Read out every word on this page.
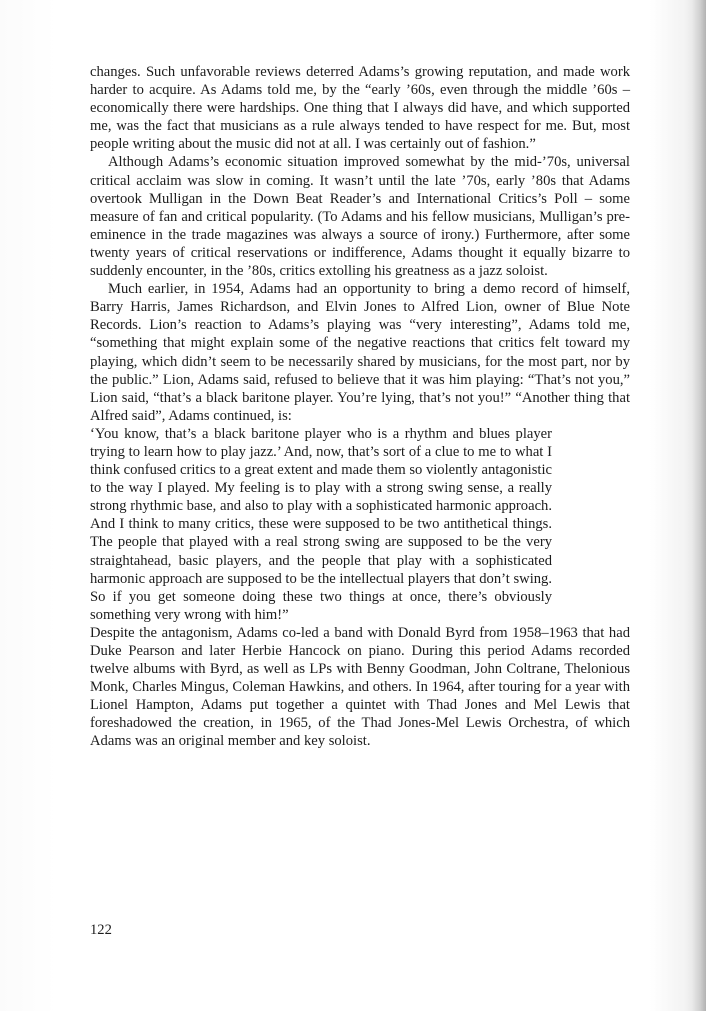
changes. Such unfavorable reviews deterred Adams’s growing reputation, and made work harder to acquire. As Adams told me, by the “early ’60s, even through the middle ’60s – economically there were hardships. One thing that I always did have, and which supported me, was the fact that musicians as a rule always tended to have respect for me. But, most people writing about the music did not at all. I was certainly out of fashion.”

Although Adams’s economic situation improved somewhat by the mid-’70s, universal critical acclaim was slow in coming. It wasn’t until the late ’70s, early ’80s that Adams overtook Mulligan in the Down Beat Reader’s and International Critics’s Poll – some measure of fan and critical popularity. (To Adams and his fellow musicians, Mulligan’s pre-eminence in the trade magazines was always a source of irony.) Furthermore, after some twenty years of critical reservations or indifference, Adams thought it equally bizarre to suddenly encounter, in the ’80s, critics extolling his greatness as a jazz soloist.

Much earlier, in 1954, Adams had an opportunity to bring a demo record of himself, Barry Harris, James Richardson, and Elvin Jones to Alfred Lion, owner of Blue Note Records. Lion’s reaction to Adams’s playing was “very interesting”, Adams told me, “something that might explain some of the negative reactions that critics felt toward my playing, which didn’t seem to be necessarily shared by musicians, for the most part, nor by the public.” Lion, Adams said, refused to believe that it was him playing: “That’s not you,” Lion said, “that’s a black baritone player. You’re lying, that’s not you!” “Another thing that Alfred said”, Adams continued, is:

‘You know, that’s a black baritone player who is a rhythm and blues player trying to learn how to play jazz.’ And, now, that’s sort of a clue to me to what I think confused critics to a great extent and made them so violently antagonistic to the way I played. My feeling is to play with a strong swing sense, a really strong rhythmic base, and also to play with a sophisticated harmonic approach. And I think to many critics, these were supposed to be two antithetical things. The people that played with a real strong swing are supposed to be the very straightahead, basic players, and the people that play with a sophisticated harmonic approach are supposed to be the intellectual players that don’t swing. So if you get someone doing these two things at once, there’s obviously something very wrong with him!”

Despite the antagonism, Adams co-led a band with Donald Byrd from 1958–1963 that had Duke Pearson and later Herbie Hancock on piano. During this period Adams recorded twelve albums with Byrd, as well as LPs with Benny Goodman, John Coltrane, Thelonious Monk, Charles Mingus, Coleman Hawkins, and others. In 1964, after touring for a year with Lionel Hampton, Adams put together a quintet with Thad Jones and Mel Lewis that foreshadowed the creation, in 1965, of the Thad Jones-Mel Lewis Orchestra, of which Adams was an original member and key soloist.

122
